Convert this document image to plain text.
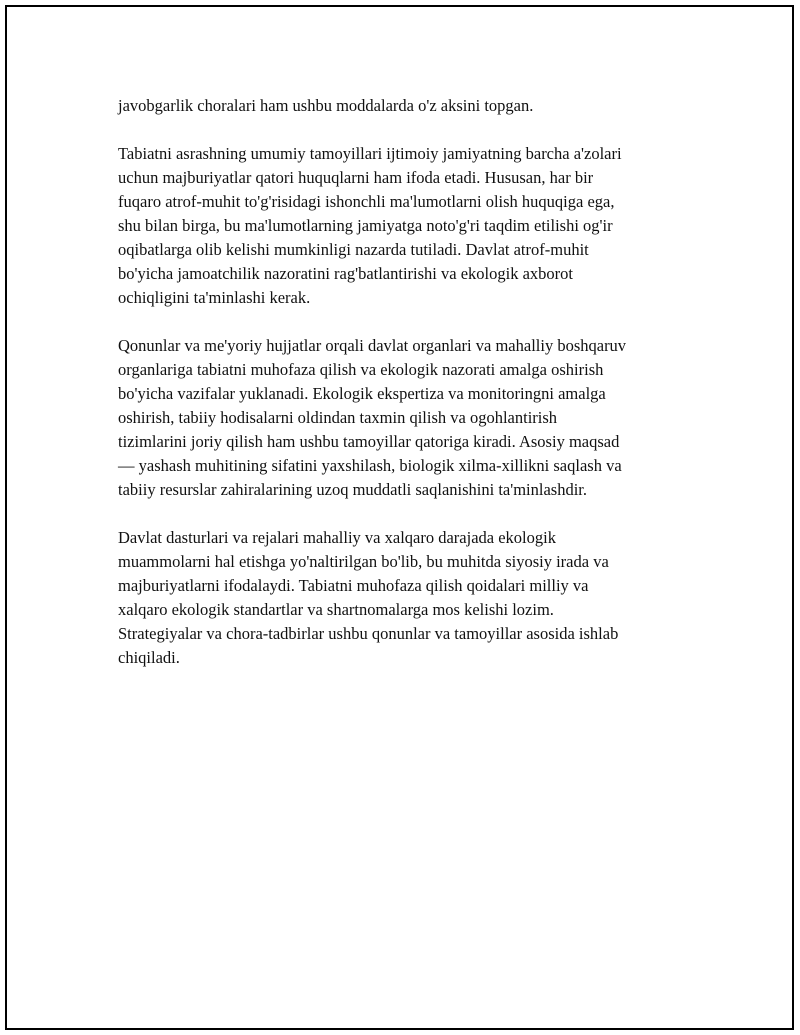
javobgarlik choralari ham ushbu moddalarda o'z aksini topgan.

Tabiatni asrashning umumiy tamoyillari ijtimoiy jamiyatning barcha a'zolari
uchun majburiyatlar qatori huquqlarni ham ifoda etadi. Hususan, har bir
fuqaro atrof-muhit to'g'risidagi ishonchli ma'lumotlarni olish huquqiga ega,
shu bilan birga, bu ma'lumotlarning jamiyatga noto'g'ri taqdim etilishi og'ir
oqibatlarga olib kelishi mumkinligi nazarda tutiladi. Davlat atrof-muhit
bo'yicha jamoatchilik nazoratini rag'batlantirishi va ekologik axborot
ochiqligini ta'minlashi kerak.

Qonunlar va me'yoriy hujjatlar orqali davlat organlari va mahalliy boshqaruv
organlariga tabiatni muhofaza qilish va ekologik nazorati amalga oshirish
bo'yicha vazifalar yuklanadi. Ekologik ekspertiza va monitoringni amalga
oshirish, tabiiy hodisalarni oldindan taxmin qilish va ogohlantirish
tizimlarini joriy qilish ham ushbu tamoyillar qatoriga kiradi. Asosiy maqsad
— yashash muhitining sifatini yaxshilash, biologik xilma-xillikni saqlash va
tabiiy resurslar zahiralarining uzoq muddatli saqlanishini ta'minlashdir.

Davlat dasturlari va rejalari mahalliy va xalqaro darajada ekologik
muammolarni hal etishga yo'naltirilgan bo'lib, bu muhitda siyosiy irada va
majburiyatlarni ifodalaydi. Tabiatni muhofaza qilish qoidalari milliy va
xalqaro ekologik standartlar va shartnomalarga mos kelishi lozim.
Strategiyalar va chora-tadbirlar ushbu qonunlar va tamoyillar asosida ishlab
chiqiladi.
